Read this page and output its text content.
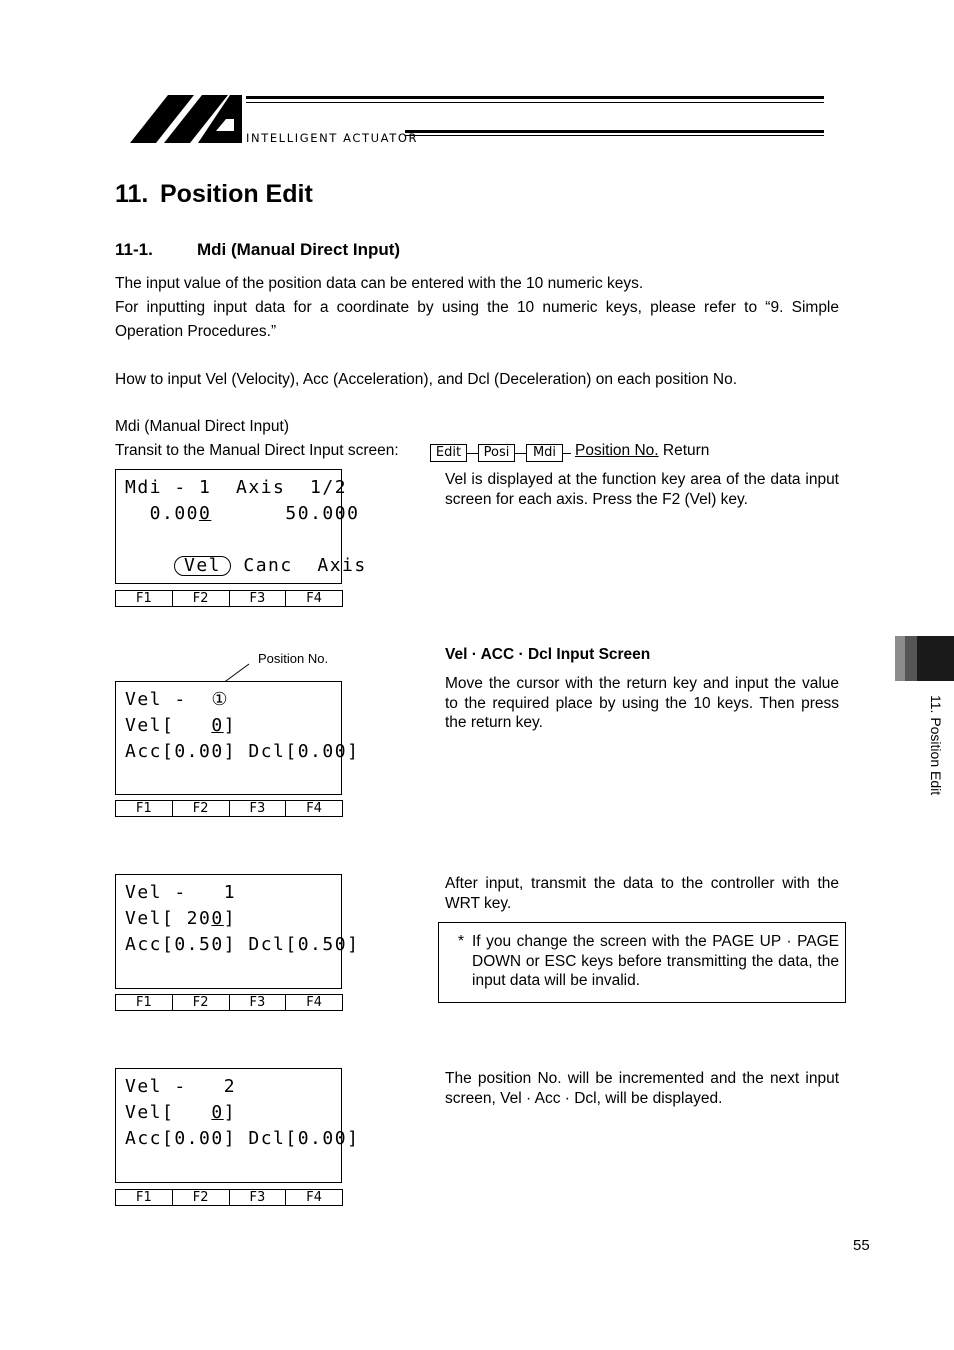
INTELLIGENT ACTUATOR
11. Position Edit
11-1.	Mdi (Manual Direct Input)
The input value of the position data can be entered with the 10 numeric keys.
For inputting input data for a coordinate by using the 10 numeric keys, please refer to “9. Simple Operation Procedures.”
How to input Vel (Velocity), Acc (Acceleration), and Dcl (Deceleration) on each position No.
Mdi (Manual Direct Input)
Transit to the Manual Direct Input screen:	Edit	Posi	Mdi	Position No. Return
Mdi - 1  Axis  1/2
0.000      50.000
Vel Canc  Axis
F1	F2	F3	F4
Position No.
Vel -  ①
Vel[   0]
Acc[0.00] Dcl[0.00]
F1	F2	F3	F4
Vel -   1
Vel[ 200]
Acc[0.50] Dcl[0.50]
F1	F2	F3	F4
Vel -   2
Vel[   0]
Acc[0.00] Dcl[0.00]
F1	F2	F3	F4
Vel is displayed at the function key area of the data input screen for each axis. Press the F2 (Vel) key.
Vel · ACC · Dcl Input Screen
Move the cursor with the return key and input the value to the required place by using the 10 keys. Then press the return key.
After input, transmit the data to the controller with the WRT key.
* If you change the screen with the PAGE UP · PAGE DOWN or ESC keys before transmitting the data, the input data will be invalid.
The position No. will be incremented and the next input screen, Vel · Acc · Dcl, will be displayed.
11. Position Edit
55
